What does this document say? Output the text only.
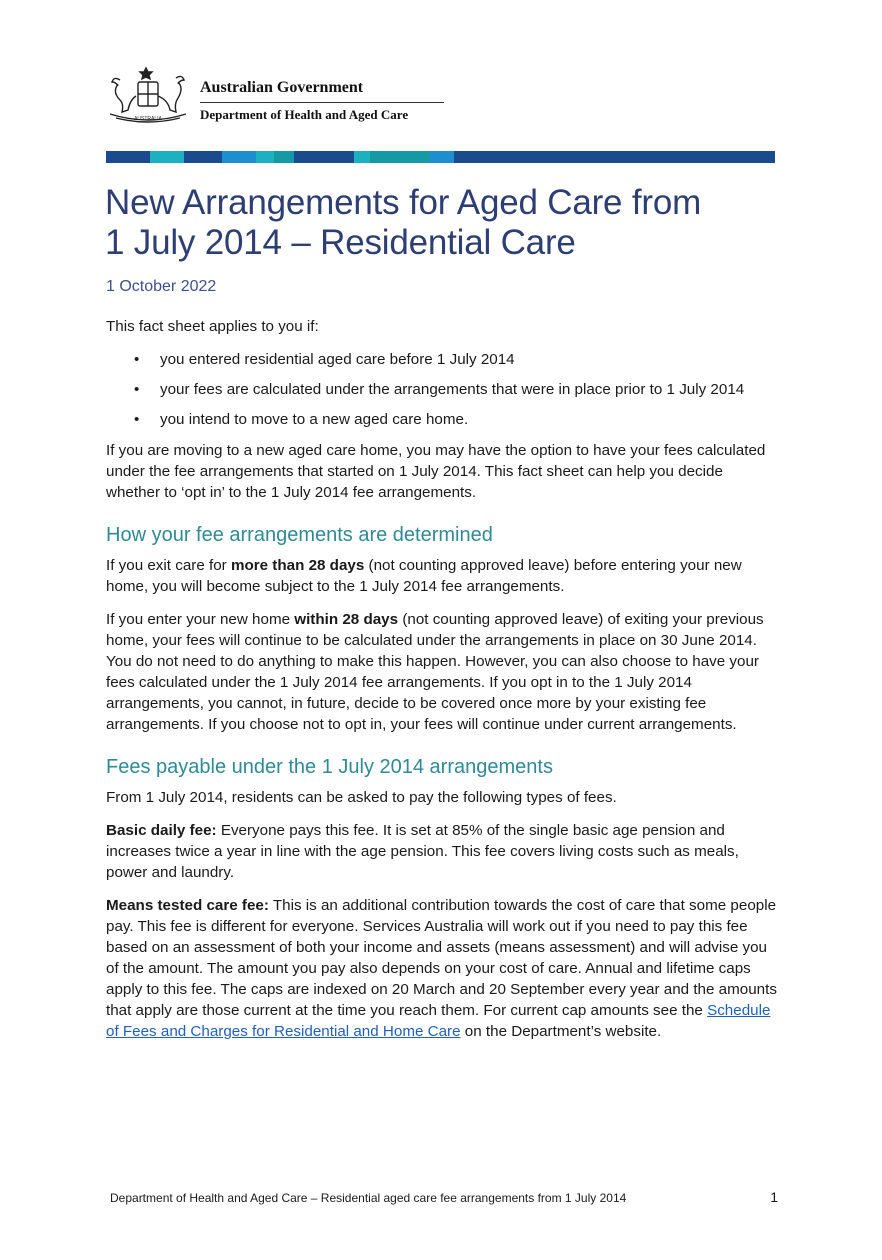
AUSTRALIA
Australian Government
Department of Health and Aged Care
New Arrangements for Aged Care from
1 July 2014 – Residential Care
1 October 2022

This fact sheet applies to you if:

• you entered residential aged care before 1 July 2014
• your fees are calculated under the arrangements that were in place prior to 1 July 2014
• you intend to move to a new aged care home.

If you are moving to a new aged care home, you may have the option to have your fees calculated under the fee arrangements that started on 1 July 2014. This fact sheet can help you decide whether to ‘opt in’ to the 1 July 2014 fee arrangements.

How your fee arrangements are determined

If you exit care for more than 28 days (not counting approved leave) before entering your new home, you will become subject to the 1 July 2014 fee arrangements.

If you enter your new home within 28 days (not counting approved leave) of exiting your previous home, your fees will continue to be calculated under the arrangements in place on 30 June 2014. You do not need to do anything to make this happen. However, you can also choose to have your fees calculated under the 1 July 2014 fee arrangements. If you opt in to the 1 July 2014 arrangements, you cannot, in future, decide to be covered once more by your existing fee arrangements. If you choose not to opt in, your fees will continue under current arrangements.

Fees payable under the 1 July 2014 arrangements

From 1 July 2014, residents can be asked to pay the following types of fees.

Basic daily fee: Everyone pays this fee. It is set at 85% of the single basic age pension and increases twice a year in line with the age pension. This fee covers living costs such as meals, power and laundry.

Means tested care fee: This is an additional contribution towards the cost of care that some people pay. This fee is different for everyone. Services Australia will work out if you need to pay this fee based on an assessment of both your income and assets (means assessment) and will advise you of the amount. The amount you pay also depends on your cost of care. Annual and lifetime caps apply to this fee. The caps are indexed on 20 March and 20 September every year and the amounts that apply are those current at the time you reach them. For current cap amounts see the Schedule of Fees and Charges for Residential and Home Care on the Department’s website.

Department of Health and Aged Care – Residential aged care fee arrangements from 1 July 2014	1
